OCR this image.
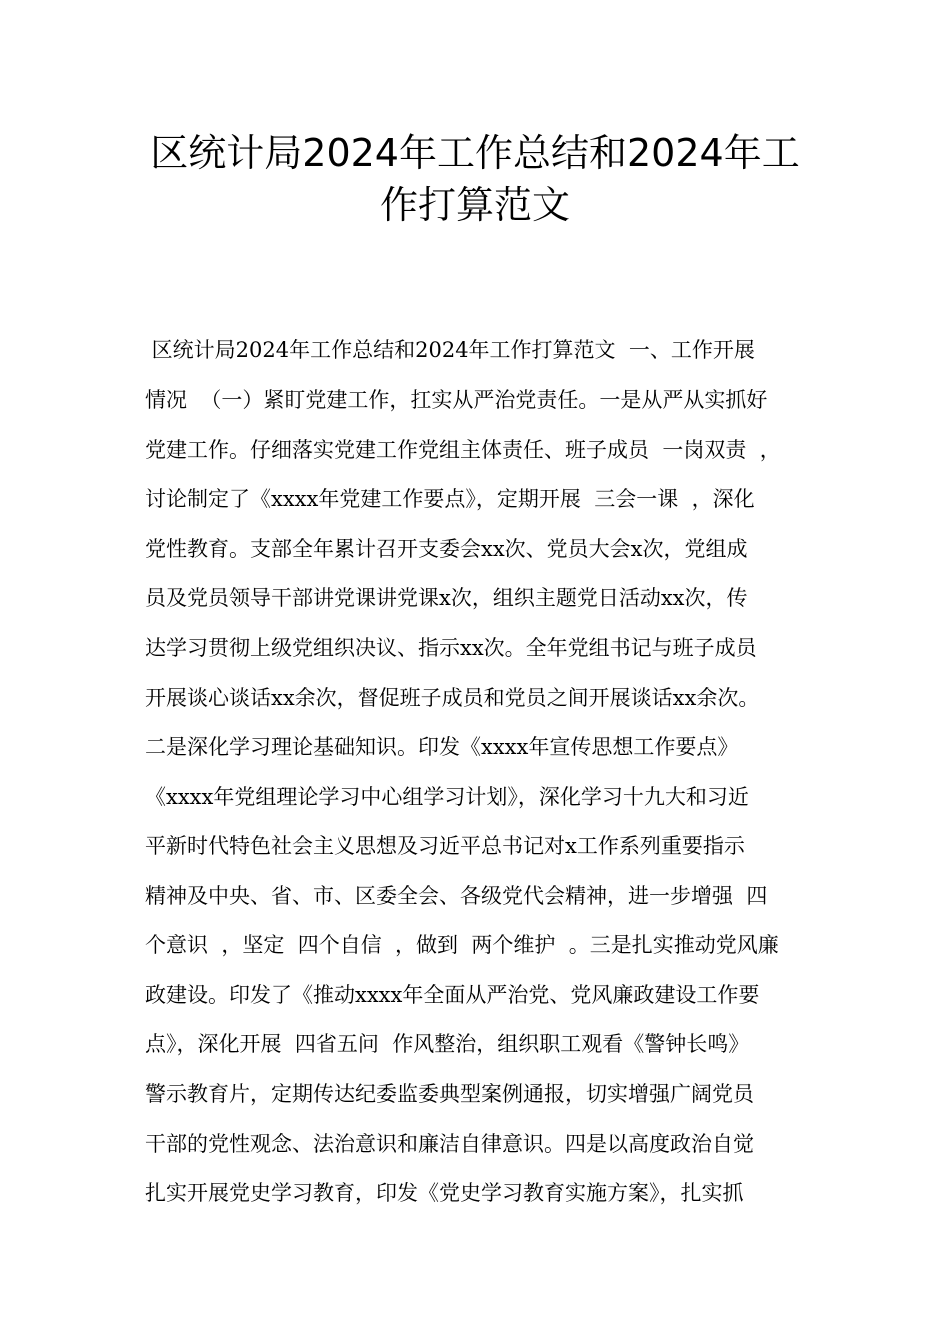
区统计局2024年工作总结和2024年工
作打算范文

区统计局2024年工作总结和2024年工作打算范文  一、工作开展

情况  （一）紧盯党建工作，扛实从严治党责任。一是从严从实抓好

党建工作。仔细落实党建工作党组主体责任、班子成员  一岗双责  ，

讨论制定了《xxxx年党建工作要点》，定期开展  三会一课  ，深化

党性教育。支部全年累计召开支委会xx次、党员大会x次，党组成

员及党员领导干部讲党课讲党课x次，组织主题党日活动xx次，传

达学习贯彻上级党组织决议、指示xx次。全年党组书记与班子成员

开展谈心谈话xx余次，督促班子成员和党员之间开展谈话xx余次。

二是深化学习理论基础知识。印发《xxxx年宣传思想工作要点》

《xxxx年党组理论学习中心组学习计划》，深化学习十九大和习近

平新时代特色社会主义思想及习近平总书记对x工作系列重要指示

精神及中央、省、市、区委全会、各级党代会精神，进一步增强  四

个意识  ，坚定  四个自信  ，做到  两个维护  。三是扎实推动党风廉

政建设。印发了《推动xxxx年全面从严治党、党风廉政建设工作要

点》，深化开展  四省五问  作风整治，组织职工观看《警钟长鸣》

警示教育片，定期传达纪委监委典型案例通报，切实增强广阔党员

干部的党性观念、法治意识和廉洁自律意识。四是以高度政治自觉

扎实开展党史学习教育，印发《党史学习教育实施方案》，扎实抓
